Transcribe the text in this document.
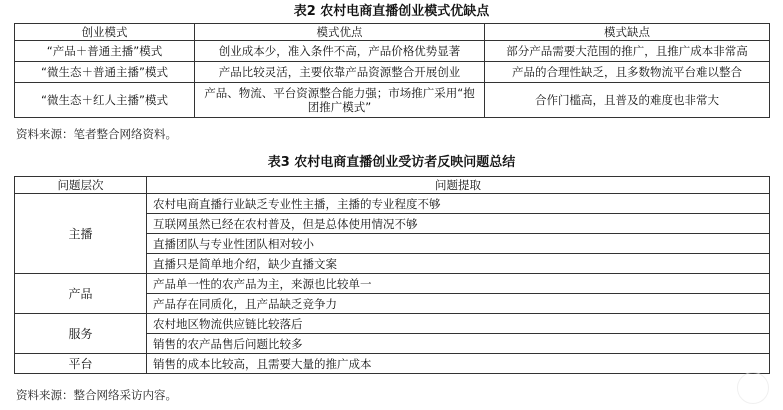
表2 农村电商直播创业模式优缺点
创业模式	模式优点	模式缺点
“产品＋普通主播”模式	创业成本少，准入条件不高，产品价格优势显著	部分产品需要大范围的推广，且推广成本非常高
“微生态＋普通主播”模式	产品比较灵活，主要依靠产品资源整合开展创业	产品的合理性缺乏，且多数物流平台难以整合
“微生态＋红人主播”模式	产品、物流、平台资源整合能力强；市场推广采用“抱团推广模式”	合作门槛高，且普及的难度也非常大
资料来源：笔者整合网络资料。
表3 农村电商直播创业受访者反映问题总结
问题层次	问题提取
主播	农村电商直播行业缺乏专业性主播，主播的专业程度不够
	互联网虽然已经在农村普及，但是总体使用情况不够
	直播团队与专业性团队相对较小
	直播只是简单地介绍，缺少直播文案
产品	产品单一性的农产品为主，来源也比较单一
	产品存在同质化，且产品缺乏竞争力
服务	农村地区物流供应链比较落后
	销售的农产品售后问题比较多
平台	销售的成本比较高，且需要大量的推广成本
资料来源：整合网络采访内容。
